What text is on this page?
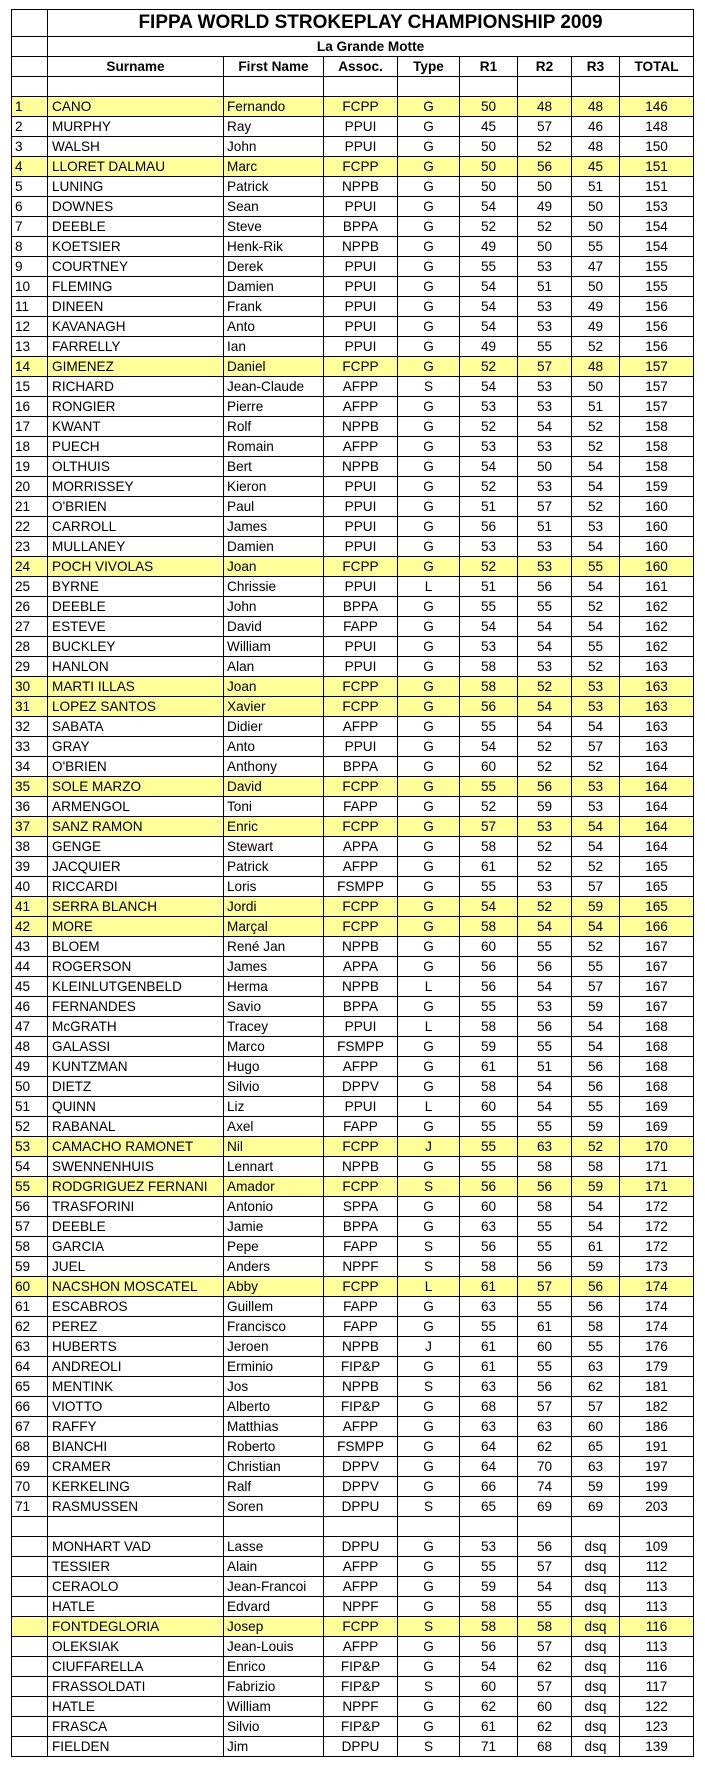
	FIPPA WORLD STROKEPLAY CHAMPIONSHIP 2009							
	La Grande Motte							
	Surname	First Name	Assoc.	Type	R1	R2	R3	TOTAL

1	CANO	Fernando	FCPP	G	50	48	48	146
2	MURPHY	Ray	PPUI	G	45	57	46	148
3	WALSH	John	PPUI	G	50	52	48	150
4	LLORET DALMAU	Marc	FCPP	G	50	56	45	151
5	LUNING	Patrick	NPPB	G	50	50	51	151
6	DOWNES	Sean	PPUI	G	54	49	50	153
7	DEEBLE	Steve	BPPA	G	52	52	50	154
8	KOETSIER	Henk-Rik	NPPB	G	49	50	55	154
9	COURTNEY	Derek	PPUI	G	55	53	47	155
10	FLEMING	Damien	PPUI	G	54	51	50	155
11	DINEEN	Frank	PPUI	G	54	53	49	156
12	KAVANAGH	Anto	PPUI	G	54	53	49	156
13	FARRELLY	Ian	PPUI	G	49	55	52	156
14	GIMENEZ	Daniel	FCPP	G	52	57	48	157
15	RICHARD	Jean-Claude	AFPP	S	54	53	50	157
16	RONGIER	Pierre	AFPP	G	53	53	51	157
17	KWANT	Rolf	NPPB	G	52	54	52	158
18	PUECH	Romain	AFPP	G	53	53	52	158
19	OLTHUIS	Bert	NPPB	G	54	50	54	158
20	MORRISSEY	Kieron	PPUI	G	52	53	54	159
21	O'BRIEN	Paul	PPUI	G	51	57	52	160
22	CARROLL	James	PPUI	G	56	51	53	160
23	MULLANEY	Damien	PPUI	G	53	53	54	160
24	POCH VIVOLAS	Joan	FCPP	G	52	53	55	160
25	BYRNE	Chrissie	PPUI	L	51	56	54	161
26	DEEBLE	John	BPPA	G	55	55	52	162
27	ESTEVE	David	FAPP	G	54	54	54	162
28	BUCKLEY	William	PPUI	G	53	54	55	162
29	HANLON	Alan	PPUI	G	58	53	52	163
30	MARTI ILLAS	Joan	FCPP	G	58	52	53	163
31	LOPEZ SANTOS	Xavier	FCPP	G	56	54	53	163
32	SABATA	Didier	AFPP	G	55	54	54	163
33	GRAY	Anto	PPUI	G	54	52	57	163
34	O'BRIEN	Anthony	BPPA	G	60	52	52	164
35	SOLE MARZO	David	FCPP	G	55	56	53	164
36	ARMENGOL	Toni	FAPP	G	52	59	53	164
37	SANZ RAMON	Enric	FCPP	G	57	53	54	164
38	GENGE	Stewart	APPA	G	58	52	54	164
39	JACQUIER	Patrick	AFPP	G	61	52	52	165
40	RICCARDI	Loris	FSMPP	G	55	53	57	165
41	SERRA BLANCH	Jordi	FCPP	G	54	52	59	165
42	MORE	Marçal	FCPP	G	58	54	54	166
43	BLOEM	René Jan	NPPB	G	60	55	52	167
44	ROGERSON	James	APPA	G	56	56	55	167
45	KLEINLUTGENBELD	Herma	NPPB	L	56	54	57	167
46	FERNANDES	Savio	BPPA	G	55	53	59	167
47	McGRATH	Tracey	PPUI	L	58	56	54	168
48	GALASSI	Marco	FSMPP	G	59	55	54	168
49	KUNTZMAN	Hugo	AFPP	G	61	51	56	168
50	DIETZ	Silvio	DPPV	G	58	54	56	168
51	QUINN	Liz	PPUI	L	60	54	55	169
52	RABANAL	Axel	FAPP	G	55	55	59	169
53	CAMACHO RAMONET	Nil	FCPP	J	55	63	52	170
54	SWENNENHUIS	Lennart	NPPB	G	55	58	58	171
55	RODGRIGUEZ FERNANI	Amador	FCPP	S	56	56	59	171
56	TRASFORINI	Antonio	SPPA	G	60	58	54	172
57	DEEBLE	Jamie	BPPA	G	63	55	54	172
58	GARCIA	Pepe	FAPP	S	56	55	61	172
59	JUEL	Anders	NPPF	S	58	56	59	173
60	NACSHON MOSCATEL	Abby	FCPP	L	61	57	56	174
61	ESCABROS	Guillem	FAPP	G	63	55	56	174
62	PEREZ	Francisco	FAPP	G	55	61	58	174
63	HUBERTS	Jeroen	NPPB	J	61	60	55	176
64	ANDREOLI	Erminio	FIP&P	G	61	55	63	179
65	MENTINK	Jos	NPPB	S	63	56	62	181
66	VIOTTO	Alberto	FIP&P	G	68	57	57	182
67	RAFFY	Matthias	AFPP	G	63	63	60	186
68	BIANCHI	Roberto	FSMPP	G	64	62	65	191
69	CRAMER	Christian	DPPV	G	64	70	63	197
70	KERKELING	Ralf	DPPV	G	66	74	59	199
71	RASMUSSEN	Soren	DPPU	S	65	69	69	203

	MONHART VAD	Lasse	DPPU	G	53	56	dsq	109
	TESSIER	Alain	AFPP	G	55	57	dsq	112
	CERAOLO	Jean-Francoi	AFPP	G	59	54	dsq	113
	HATLE	Edvard	NPPF	G	58	55	dsq	113
	FONTDEGLORIA	Josep	FCPP	S	58	58	dsq	116
	OLEKSIAK	Jean-Louis	AFPP	G	56	57	dsq	113
	CIUFFARELLA	Enrico	FIP&P	G	54	62	dsq	116
	FRASSOLDATI	Fabrizio	FIP&P	S	60	57	dsq	117
	HATLE	William	NPPF	G	62	60	dsq	122
	FRASCA	Silvio	FIP&P	G	61	62	dsq	123
	FIELDEN	Jim	DPPU	S	71	68	dsq	139
